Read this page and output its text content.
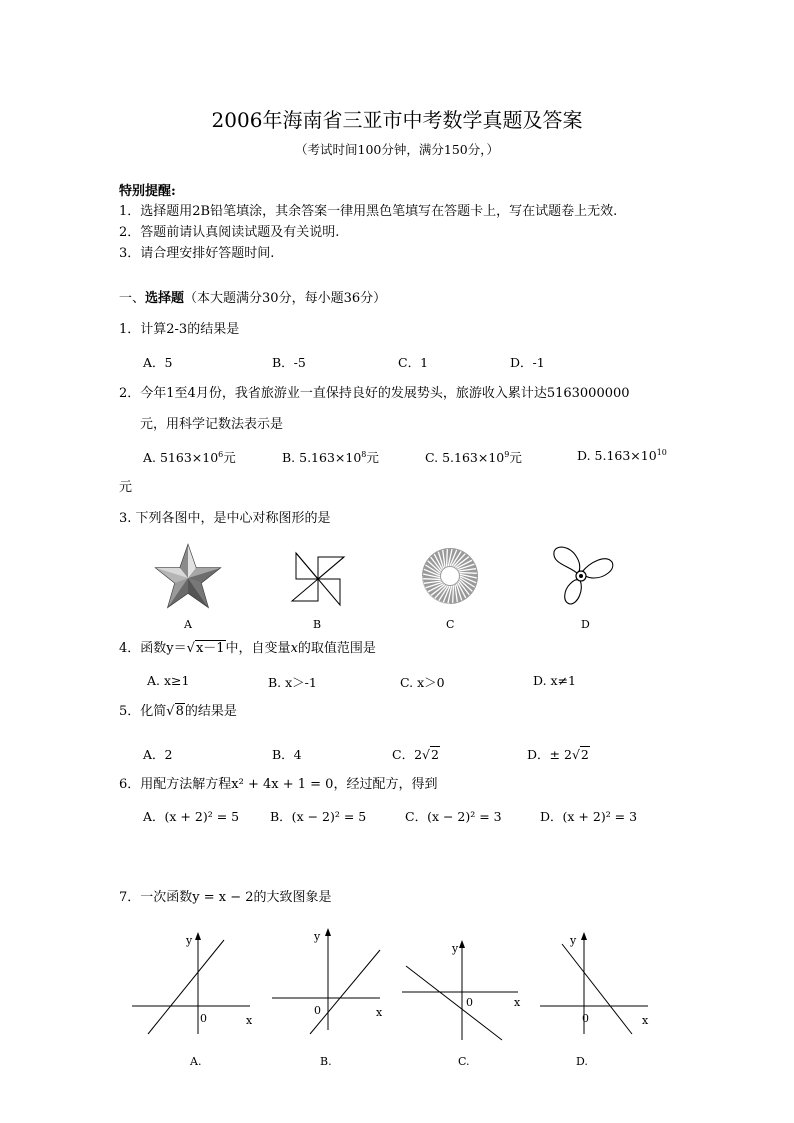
2006年海南省三亚市中考数学真题及答案
（考试时间100分钟，满分150分，）
特别提醒:
1．选择题用2B铅笔填涂，其余答案一律用黑色笔填写在答题卡上，写在试题卷上无效.
2．答题前请认真阅读试题及有关说明.
3．请合理安排好答题时间.
一、选择题（本大题满分30分，每小题36分）
1．计算2-3的结果是
A．5	B．-5	C．1	D．-1
2．今年1至4月份，我省旅游业一直保持良好的发展势头，旅游收入累计达5163000000
元，用科学记数法表示是
A. $5163\times 10^6$元	B. $5.163\times 10^8$元	C. $5.163\times 10^9$元	D. $5.163\times 10^{10}$
元
3. 下列各图中，是中心对称图形的是
A	B	C	D
4．函数y＝√x－1中，自变量x的取值范围是
A. x≥1	B. x＞-1	C. x＞0	D. x≠1
5．化简√8的结果是
A．2	B．4	C．2√2	D．± 2√2
6．用配方法解方程x² + 4x + 1 = 0，经过配方，得到
A．(x + 2)² = 5 B．(x − 2)² = 5	C．(x − 2)² = 3	D．(x + 2)² = 3
7．一次函数y = x − 2的大致图象是
y
x
0
y
x
0
y
x
0
y
x
0
A.	B.	C.	D.
